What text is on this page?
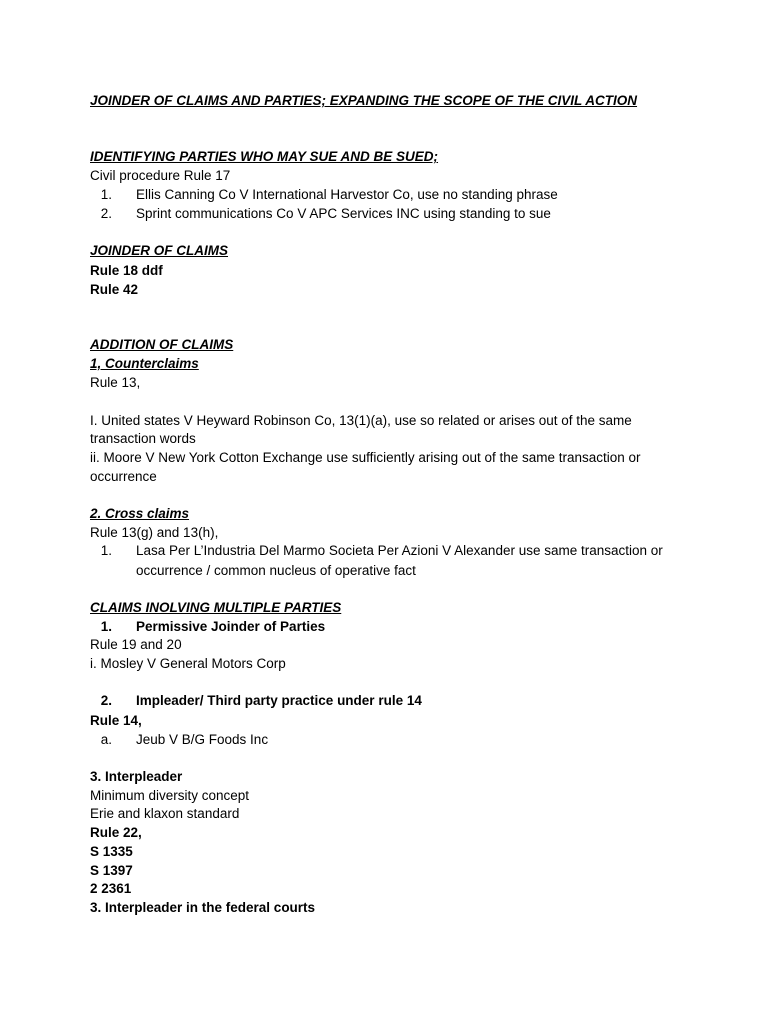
JOINDER OF CLAIMS AND PARTIES; EXPANDING THE SCOPE OF THE CIVIL ACTION
IDENTIFYING PARTIES WHO MAY SUE AND BE SUED;
Civil procedure Rule 17
1. Ellis Canning Co V International Harvestor Co, use no standing phrase
2. Sprint communications Co V APC Services INC using standing to sue
JOINDER OF CLAIMS
Rule 18 ddf
Rule 42
ADDITION OF CLAIMS
1, Counterclaims
Rule 13,
I. United states V Heyward Robinson Co, 13(1)(a), use so related or arises out of the same
transaction words
ii. Moore V New York Cotton Exchange use sufficiently arising out of the same transaction or
occurrence
2. Cross claims
Rule 13(g) and 13(h),
1. Lasa Per L’Industria Del Marmo Societa Per Azioni V Alexander use same transaction or
occurrence / common nucleus of operative fact
CLAIMS INOLVING MULTIPLE PARTIES
1. Permissive Joinder of Parties
Rule 19 and 20
i. Mosley V General Motors Corp
2. Impleader/ Third party practice under rule 14
Rule 14,
a. Jeub V B/G Foods Inc
3. Interpleader
Minimum diversity concept
Erie and klaxon standard
Rule 22,
S 1335
S 1397
2 2361
3. Interpleader in the federal courts
